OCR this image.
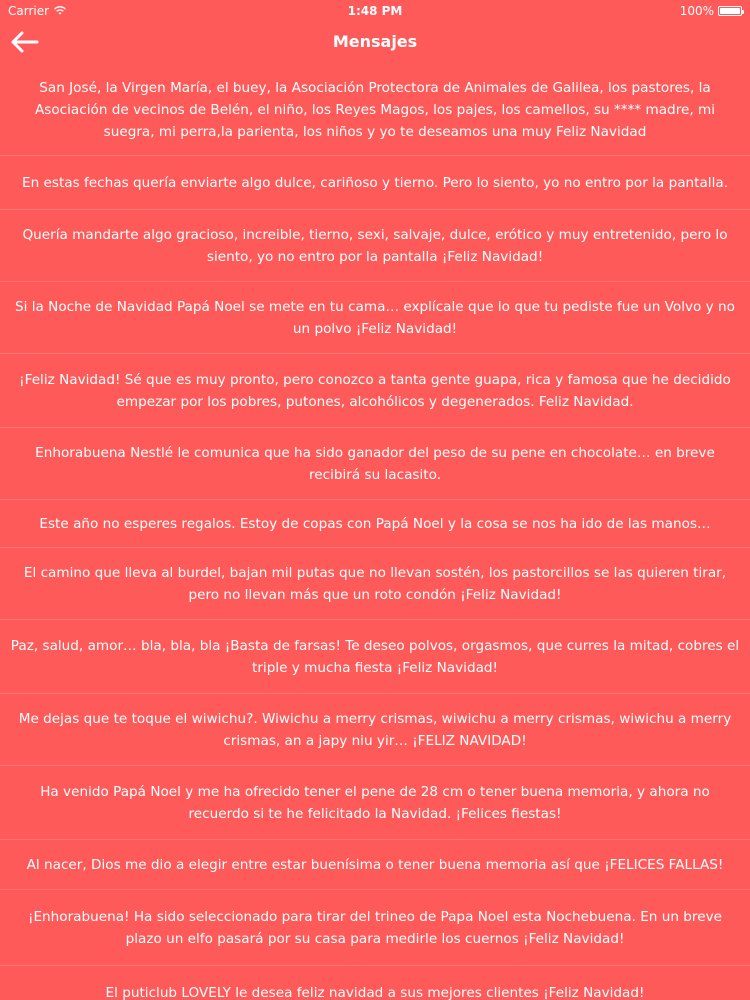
Carrier	1:48 PM	100%
Mensajes
San José, la Virgen María, el buey, la Asociación Protectora de Animales de Galilea, los pastores, la Asociación de vecinos de Belén, el niño, los Reyes Magos, los pajes, los camellos, su **** madre, mi suegra, mi perra,la parienta, los niños y yo te deseamos una muy Feliz Navidad
En estas fechas quería enviarte algo dulce, cariñoso y tierno. Pero lo siento, yo no entro por la pantalla.
Quería mandarte algo gracioso, increible, tierno, sexi, salvaje, dulce, erótico y muy entretenido, pero lo siento, yo no entro por la pantalla ¡Feliz Navidad!
Si la Noche de Navidad Papá Noel se mete en tu cama… explícale que lo que tu pediste fue un Volvo y no un polvo ¡Feliz Navidad!
¡Feliz Navidad! Sé que es muy pronto, pero conozco a tanta gente guapa, rica y famosa que he decidido empezar por los pobres, putones, alcohólicos y degenerados. Feliz Navidad.
Enhorabuena Nestlé le comunica que ha sido ganador del peso de su pene en chocolate… en breve recibirá su lacasito.
Este año no esperes regalos. Estoy de copas con Papá Noel y la cosa se nos ha ido de las manos…
El camino que lleva al burdel, bajan mil putas que no llevan sostén, los pastorcillos se las quieren tirar, pero no llevan más que un roto condón ¡Feliz Navidad!
Paz, salud, amor… bla, bla, bla ¡Basta de farsas! Te deseo polvos, orgasmos, que curres la mitad, cobres el triple y mucha fiesta ¡Feliz Navidad!
Me dejas que te toque el wiwichu?. Wiwichu a merry crismas, wiwichu a merry crismas, wiwichu a merry crismas, an a japy niu yir… ¡FELIZ NAVIDAD!
Ha venido Papá Noel y me ha ofrecido tener el pene de 28 cm o tener buena memoria, y ahora no recuerdo si te he felicitado la Navidad. ¡Felices fiestas!
Al nacer, Dios me dio a elegir entre estar buenísima o tener buena memoria así que ¡FELICES FALLAS!
¡Enhorabuena! Ha sido seleccionado para tirar del trineo de Papa Noel esta Nochebuena. En un breve plazo un elfo pasará por su casa para medirle los cuernos ¡Feliz Navidad!
El puticlub LOVELY le desea feliz navidad a sus mejores clientes ¡Feliz Navidad!
